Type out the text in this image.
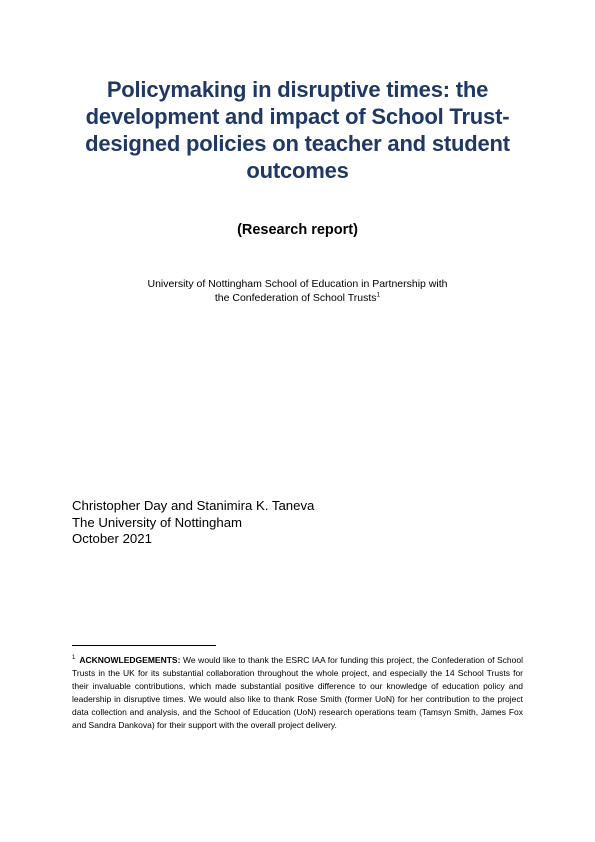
Policymaking in disruptive times: the development and impact of School Trust-designed policies on teacher and student outcomes
(Research report)
University of Nottingham School of Education in Partnership with
the Confederation of School Trusts$^1$
Christopher Day and Stanimira K. Taneva
The University of Nottingham
October 2021
$^1$ ACKNOWLEDGEMENTS: We would like to thank the ESRC IAA for funding this project, the Confederation of School Trusts in the UK for its substantial collaboration throughout the whole project, and especially the 14 School Trusts for their invaluable contributions, which made substantial positive difference to our knowledge of education policy and leadership in disruptive times. We would also like to thank Rose Smith (former UoN) for her contribution to the project data collection and analysis, and the School of Education (UoN) research operations team (Tamsyn Smith, James Fox and Sandra Dankova) for their support with the overall project delivery.
